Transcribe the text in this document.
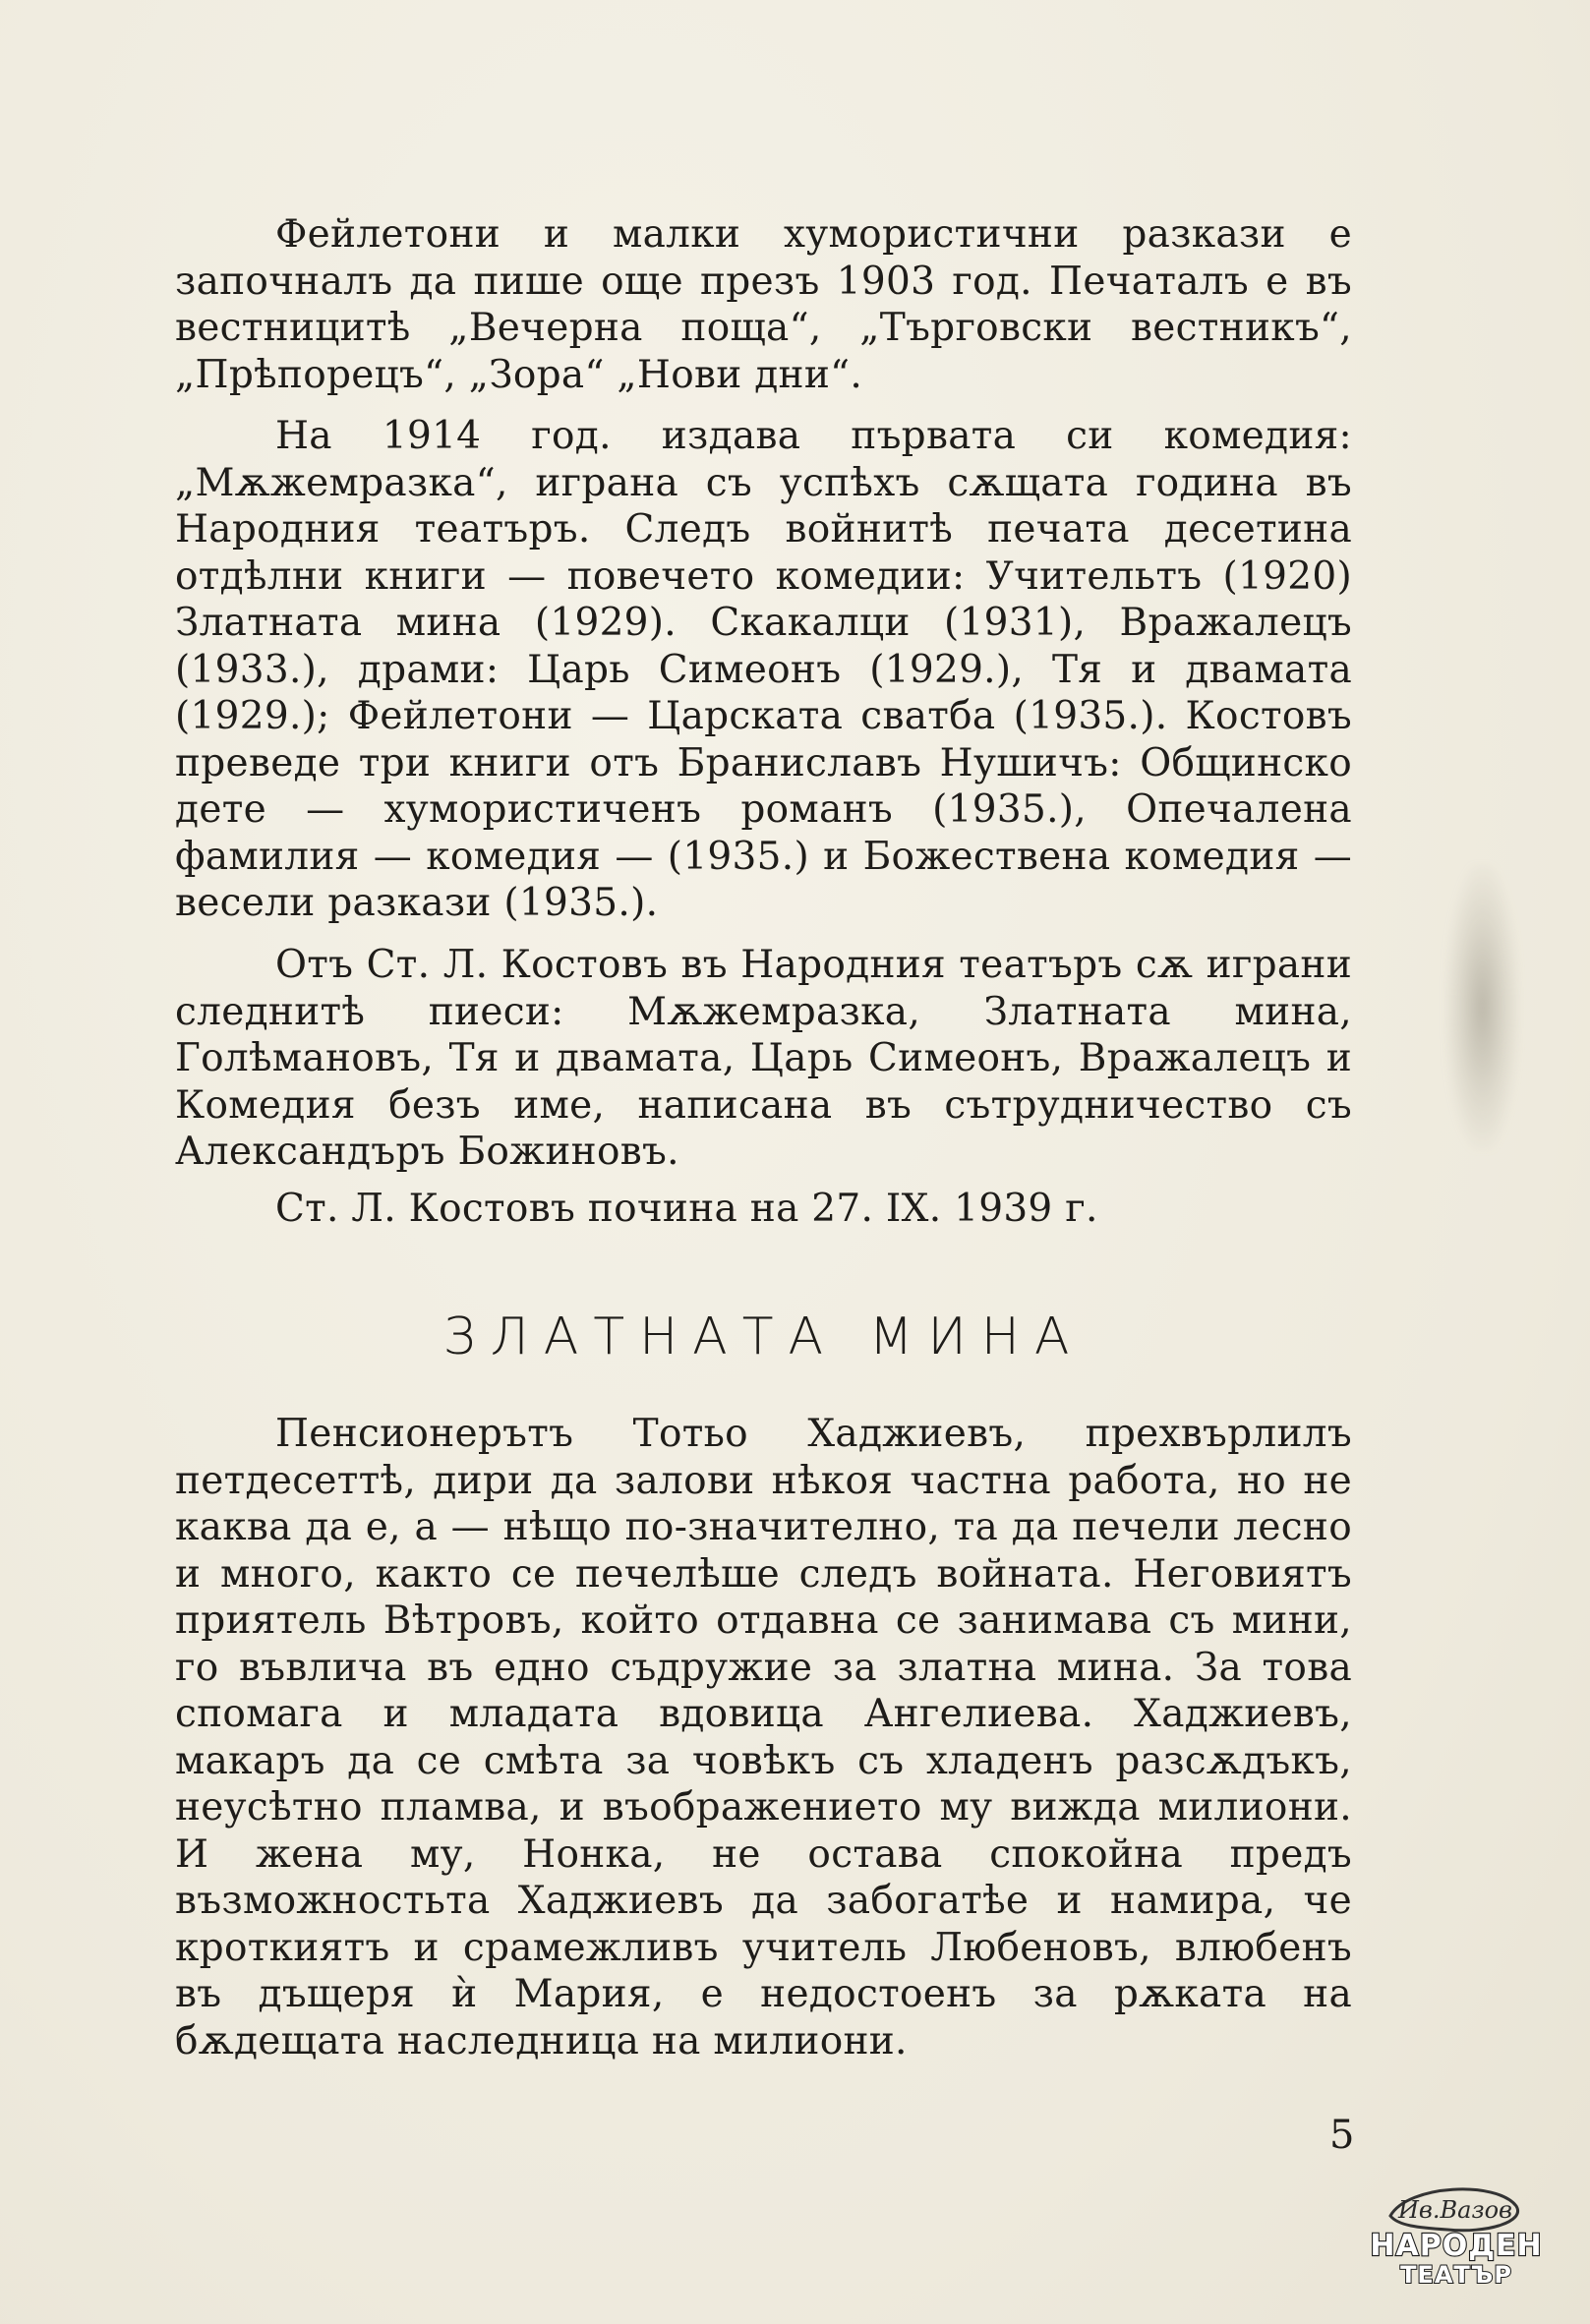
Фейлетони и малки хумористични разкази е започналъ да пише още презъ 1903 год. Печаталъ е въ вестницитѣ „Вечерна поща“, „Търговски вестникъ“, „Прѣпорецъ“, „Зора“ „Нови дни“.

На 1914 год. издава първата си комедия: „Мѫжемразка“, играна съ успѣхъ сѫщата година въ Народния театъръ. Следъ войнитѣ печата десетина отдѣлни книги — повечето комедии: Учительтъ (1920) Златната мина (1929). Скакалци (1931), Вражалецъ (1933.), драми: Царь Симеонъ (1929.), Тя и двамата (1929.); Фейлетони — Царската сватба (1935.). Костовъ преведе три книги отъ Браниславъ Нушичъ: Общинско дете — хумористиченъ романъ (1935.), Опечалена фамилия — комедия — (1935.) и Божествена комедия — весели разкази (1935.).

Отъ Ст. Л. Костовъ въ Народния театъръ сѫ играни следнитѣ пиеси: Мѫжемразка, Златната мина, Голѣмановъ, Тя и двамата, Царь Симеонъ, Вражалецъ и Комедия безъ име, написана въ сътрудничество съ Александъръ Божиновъ.

Ст. Л. Костовъ почина на 27. IX. 1939 г.

ЗЛАТНАТА МИНА

Пенсионерътъ Тотьо Хаджиевъ, прехвърлилъ петдесеттѣ, дири да залови нѣкоя частна работа, но не каква да е, а — нѣщо по-значително, та да печели лесно и много, както се печелѣше следъ войната. Неговиятъ приятель Вѣтровъ, който отдавна се занимава съ мини, го въвлича въ едно съдружие за златна мина. За това спомага и младата вдовица Ангелиева. Хаджиевъ, макаръ да се смѣта за човѣкъ съ хладенъ разсѫдъкъ, неусѣтно пламва, и въображението му вижда милиони. И жена му, Нонка, не остава спокойна предъ възможностьта Хаджиевъ да забогатѣе и намира, че кроткиятъ и срамежливъ учитель Любеновъ, влюбенъ въ дъщеря ѝ Мария, е недостоенъ за рѫката на бѫдещата наследница на милиони.

5
Ив.Вазов
НАРОДЕН
ТЕАТЪР
